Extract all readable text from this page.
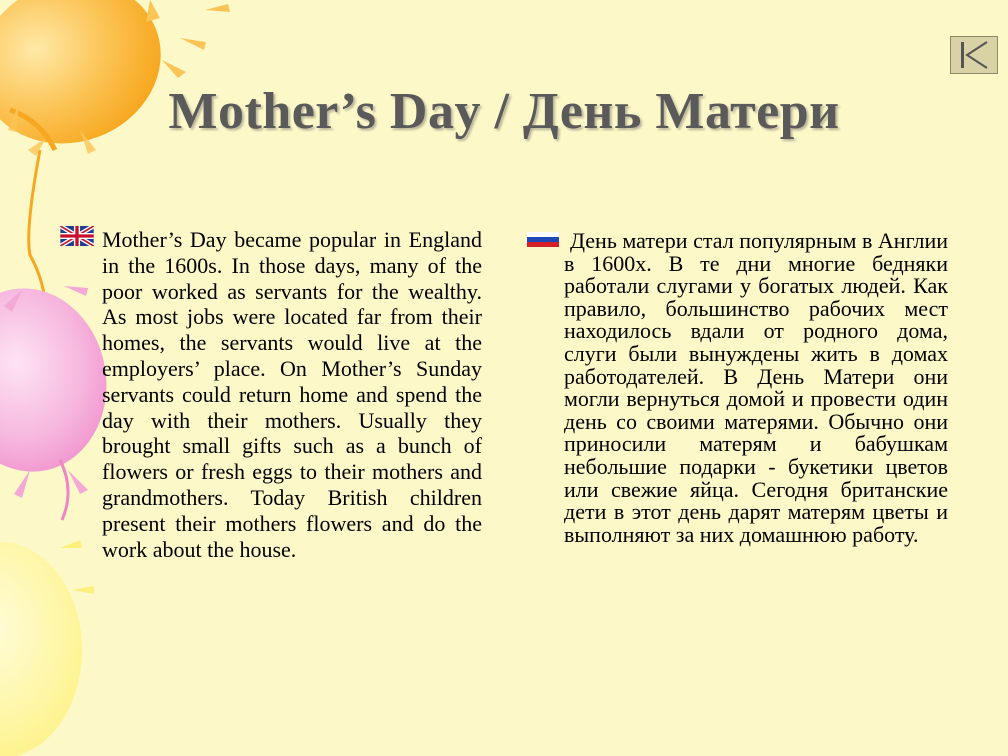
Mother’s Day / День Матери

Mother’s Day became popular in England in the 1600s. In those days, many of the poor worked as servants for the wealthy. As most jobs were located far from their homes, the servants would live at the employers’ place. On Mother’s Sunday servants could return home and spend the day with their mothers. Usually they brought small gifts such as a bunch of flowers or fresh eggs to their mothers and grandmothers. Today British children present their mothers flowers and do the work about the house.

День матери стал популярным в Англии в 1600х. В те дни многие бедняки работали слугами у богатых людей. Как правило, большинство рабочих мест находилось вдали от родного дома, слуги были вынуждены жить в домах работодателей. В День Матери они могли вернуться домой и провести один день со своими матерями. Обычно они приносили матерям и бабушкам небольшие подарки - букетики цветов или свежие яйца. Сегодня британские дети в этот день дарят матерям цветы и выполняют за них домашнюю работу.
